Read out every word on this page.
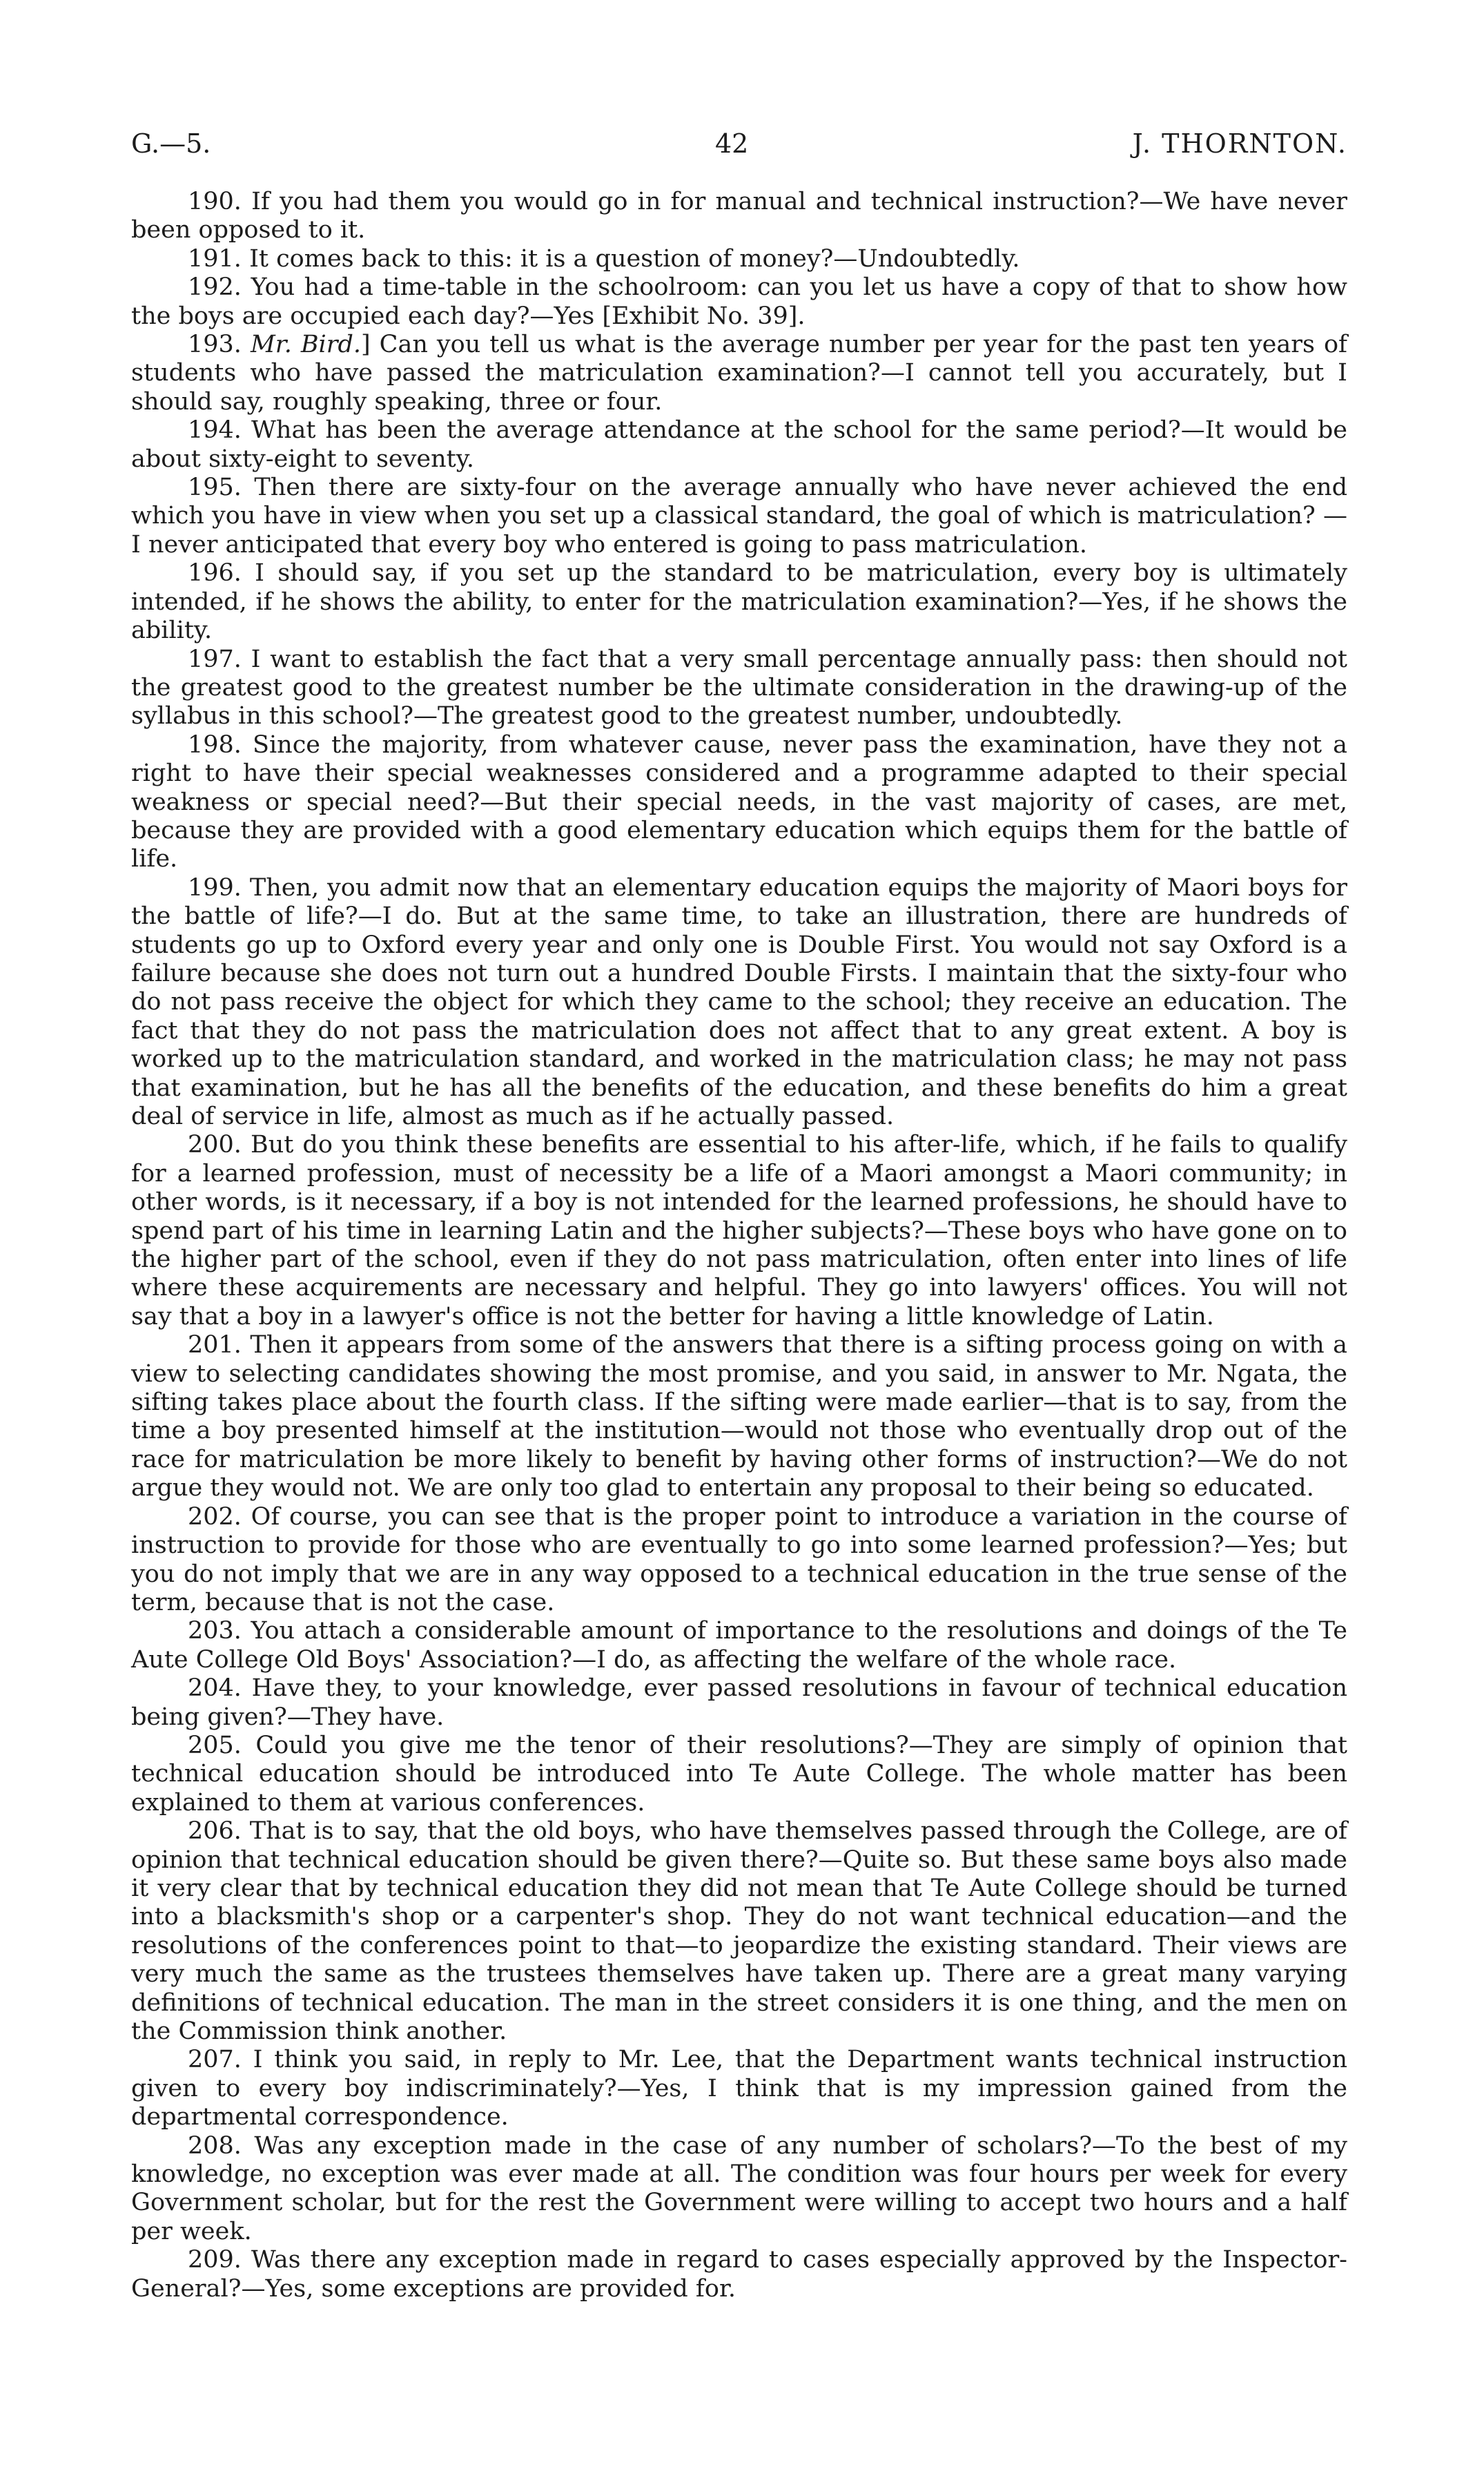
G.—5.	42	J. THORNTON.

190. If you had them you would go in for manual and technical instruction?—We have never been opposed to it.

191. It comes back to this: it is a question of money?—Undoubtedly.

192. You had a time-table in the schoolroom: can you let us have a copy of that to show how the boys are occupied each day?—Yes [Exhibit No. 39].

193. Mr. Bird.] Can you tell us what is the average number per year for the past ten years of students who have passed the matriculation examination?—I cannot tell you accurately, but I should say, roughly speaking, three or four.

194. What has been the average attendance at the school for the same period?—It would be about sixty-eight to seventy.

195. Then there are sixty-four on the average annually who have never achieved the end which you have in view when you set up a classical standard, the goal of which is matriculation? —I never anticipated that every boy who entered is going to pass matriculation.

196. I should say, if you set up the standard to be matriculation, every boy is ultimately intended, if he shows the ability, to enter for the matriculation examination?—Yes, if he shows the ability.

197. I want to establish the fact that a very small percentage annually pass: then should not the greatest good to the greatest number be the ultimate consideration in the drawing-up of the syllabus in this school?—The greatest good to the greatest number, undoubtedly.

198. Since the majority, from whatever cause, never pass the examination, have they not a right to have their special weaknesses considered and a programme adapted to their special weakness or special need?—But their special needs, in the vast majority of cases, are met, because they are provided with a good elementary education which equips them for the battle of life.

199. Then, you admit now that an elementary education equips the majority of Maori boys for the battle of life?—I do. But at the same time, to take an illustration, there are hundreds of students go up to Oxford every year and only one is Double First. You would not say Oxford is a failure because she does not turn out a hundred Double Firsts. I maintain that the sixty-four who do not pass receive the object for which they came to the school; they receive an education. The fact that they do not pass the matriculation does not affect that to any great extent. A boy is worked up to the matriculation standard, and worked in the matriculation class; he may not pass that examination, but he has all the benefits of the education, and these benefits do him a great deal of service in life, almost as much as if he actually passed.

200. But do you think these benefits are essential to his after-life, which, if he fails to qualify for a learned profession, must of necessity be a life of a Maori amongst a Maori community; in other words, is it necessary, if a boy is not intended for the learned professions, he should have to spend part of his time in learning Latin and the higher subjects?—These boys who have gone on to the higher part of the school, even if they do not pass matriculation, often enter into lines of life where these acquirements are necessary and helpful. They go into lawyers' offices. You will not say that a boy in a lawyer's office is not the better for having a little knowledge of Latin.

201. Then it appears from some of the answers that there is a sifting process going on with a view to selecting candidates showing the most promise, and you said, in answer to Mr. Ngata, the sifting takes place about the fourth class. If the sifting were made earlier—that is to say, from the time a boy presented himself at the institution—would not those who eventually drop out of the race for matriculation be more likely to benefit by having other forms of instruction?—We do not argue they would not. We are only too glad to entertain any proposal to their being so educated.

202. Of course, you can see that is the proper point to introduce a variation in the course of instruction to provide for those who are eventually to go into some learned profession?—Yes; but you do not imply that we are in any way opposed to a technical education in the true sense of the term, because that is not the case.

203. You attach a considerable amount of importance to the resolutions and doings of the Te Aute College Old Boys' Association?—I do, as affecting the welfare of the whole race.

204. Have they, to your knowledge, ever passed resolutions in favour of technical education being given?—They have.

205. Could you give me the tenor of their resolutions?—They are simply of opinion that technical education should be introduced into Te Aute College. The whole matter has been explained to them at various conferences.

206. That is to say, that the old boys, who have themselves passed through the College, are of opinion that technical education should be given there?—Quite so. But these same boys also made it very clear that by technical education they did not mean that Te Aute College should be turned into a blacksmith's shop or a carpenter's shop. They do not want technical education—and the resolutions of the conferences point to that—to jeopardize the existing standard. Their views are very much the same as the trustees themselves have taken up. There are a great many varying definitions of technical education. The man in the street considers it is one thing, and the men on the Commission think another.

207. I think you said, in reply to Mr. Lee, that the Department wants technical instruction given to every boy indiscriminately?—Yes, I think that is my impression gained from the departmental correspondence.

208. Was any exception made in the case of any number of scholars?—To the best of my knowledge, no exception was ever made at all. The condition was four hours per week for every Government scholar, but for the rest the Government were willing to accept two hours and a half per week.

209. Was there any exception made in regard to cases especially approved by the Inspector-General?—Yes, some exceptions are provided for.
